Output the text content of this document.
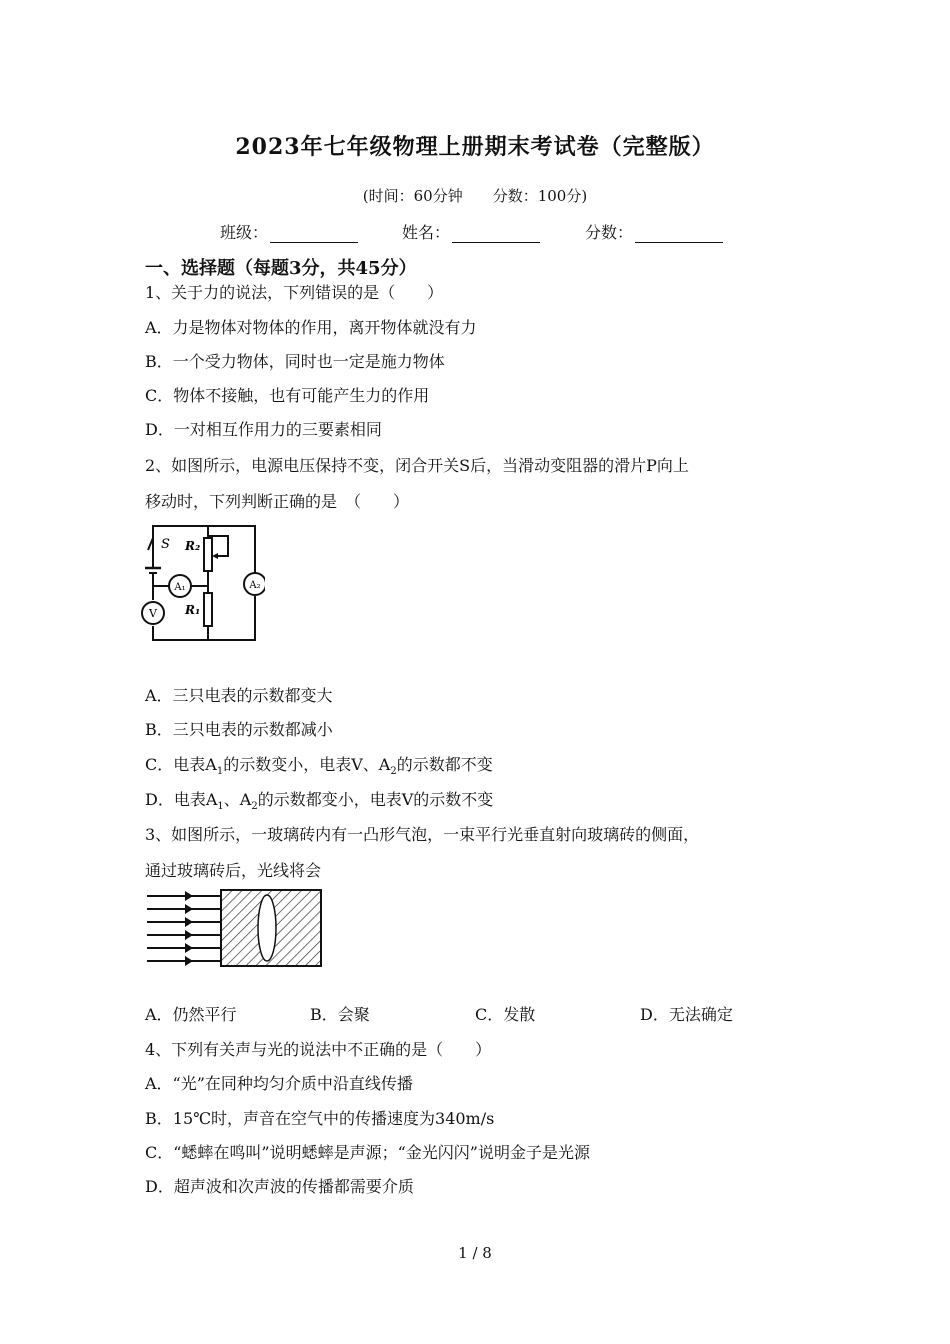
2023年七年级物理上册期末考试卷（完整版）
(时间：60分钟　　分数：100分)
班级：	姓名：	分数：
一、选择题（每题3分，共45分）
1、关于力的说法，下列错误的是（　　）
A．力是物体对物体的作用，离开物体就没有力
B．一个受力物体，同时也一定是施力物体
C．物体不接触，也有可能产生力的作用
D．一对相互作用力的三要素相同
2、如图所示，电源电压保持不变，闭合开关S后，当滑动变阻器的滑片P向上
移动时，下列判断正确的是　（　　）
S R₂
R₁
A₁	A₂
V
A．三只电表的示数都变大
B．三只电表的示数都减小
C．电表$A_1$的示数变小，电表V、$A_2$的示数都不变
D．电表$A_1$、$A_2$的示数都变小，电表V的示数不变
3、如图所示，一玻璃砖内有一凸形气泡，一束平行光垂直射向玻璃砖的侧面，
通过玻璃砖后，光线将会
A．仍然平行	B．会聚	C．发散	D．无法确定
4、下列有关声与光的说法中不正确的是（　　）
A．“光”在同种均匀介质中沿直线传播
B．15℃时，声音在空气中的传播速度为340m/s
C．“蟋蟀在鸣叫”说明蟋蟀是声源；“金光闪闪”说明金子是光源
D．超声波和次声波的传播都需要介质
1 / 8
